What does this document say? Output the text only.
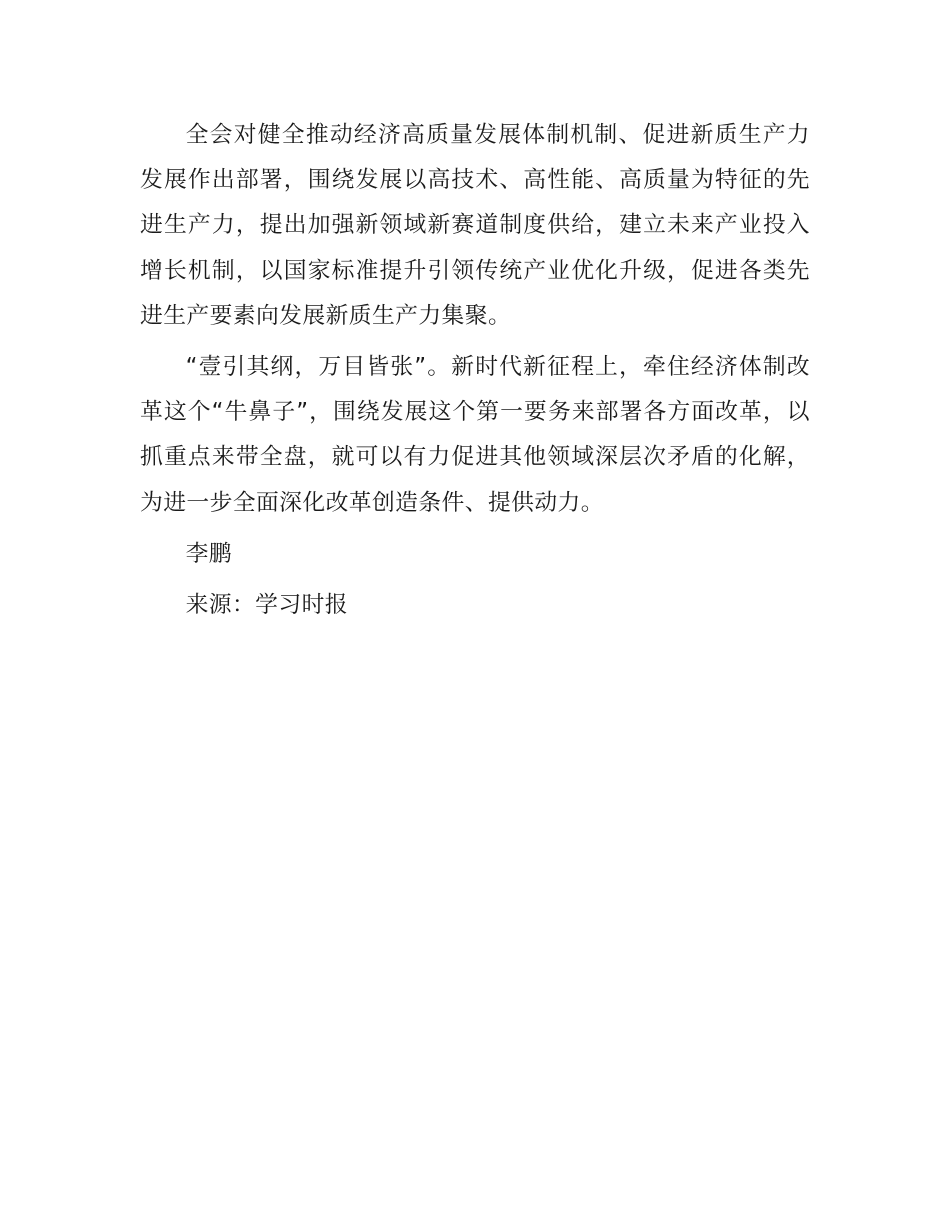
全会对健全推动经济高质量发展体制机制、促进新质生产力发展作出部署，围绕发展以高技术、高性能、高质量为特征的先进生产力，提出加强新领域新赛道制度供给，建立未来产业投入增长机制，以国家标准提升引领传统产业优化升级，促进各类先进生产要素向发展新质生产力集聚。

“壹引其纲，万目皆张”。新时代新征程上，牵住经济体制改革这个“牛鼻子”，围绕发展这个第一要务来部署各方面改革，以抓重点来带全盘，就可以有力促进其他领域深层次矛盾的化解，为进一步全面深化改革创造条件、提供动力。

李鹏

来源：学习时报
